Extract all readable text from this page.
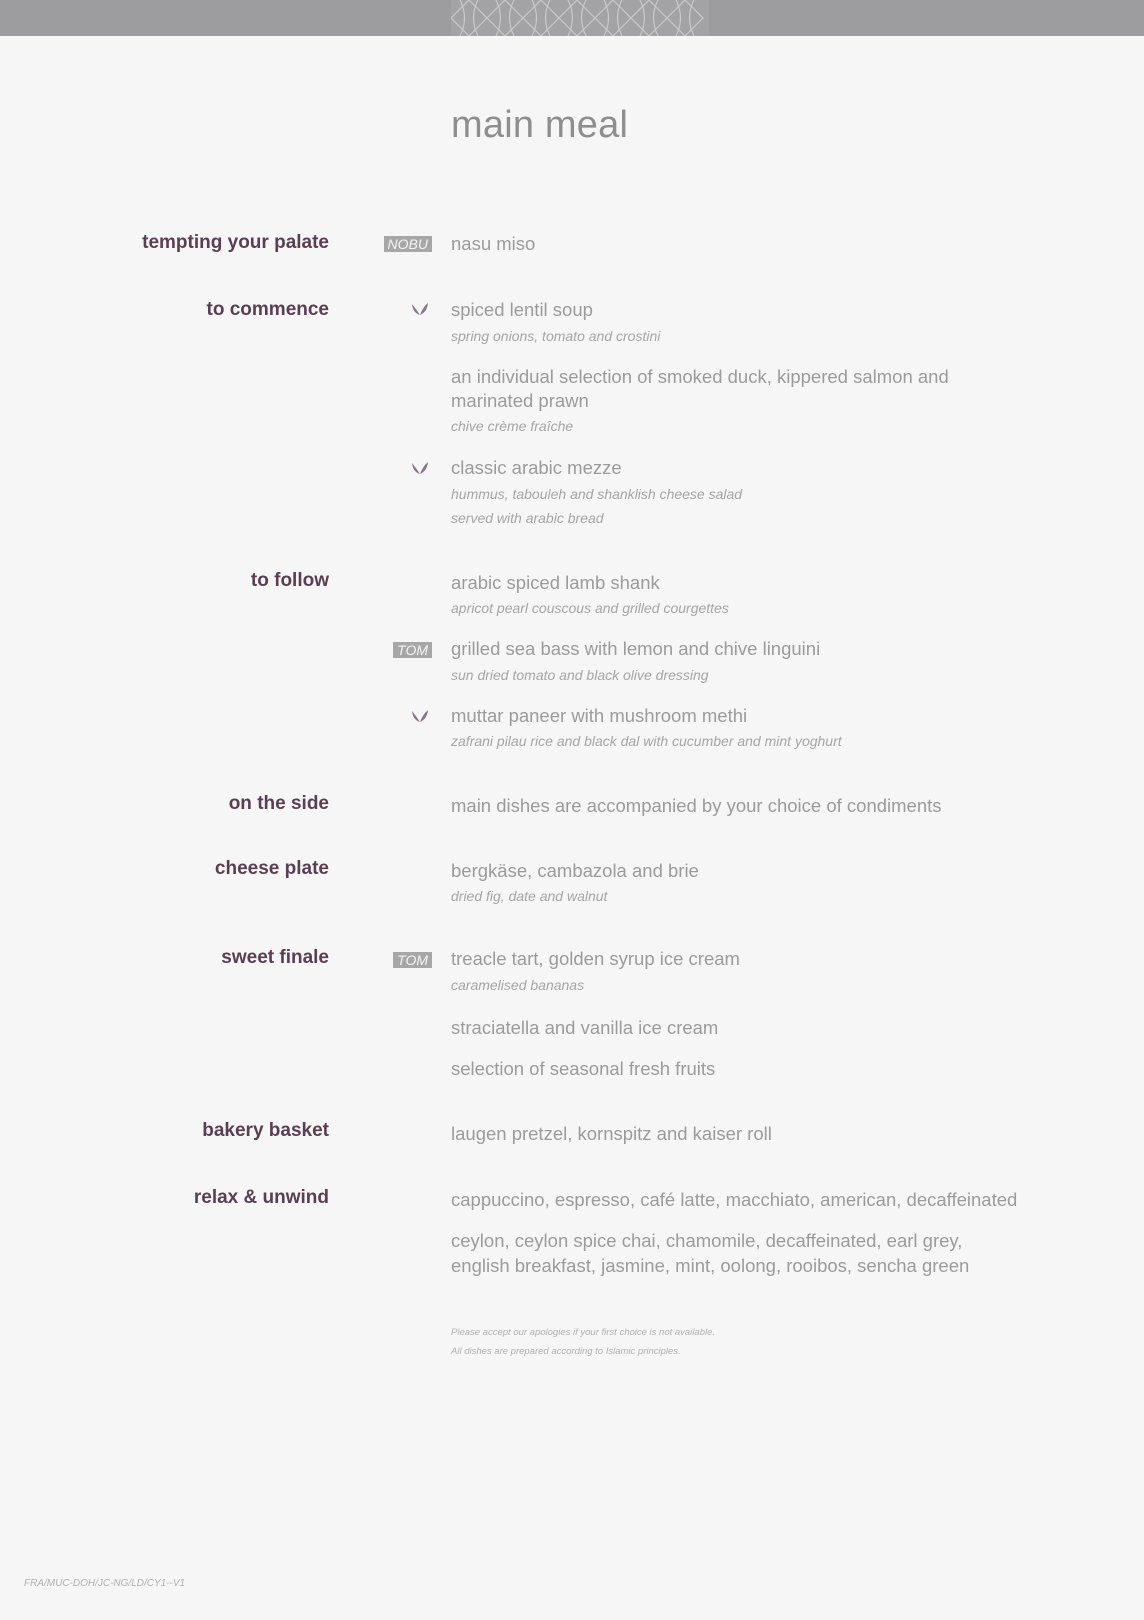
main meal
tempting your palate	NOBU nasu miso
to commence	spiced lentil soup
spring onions, tomato and crostini
an individual selection of smoked duck, kippered salmon and
marinated prawn
chive crème fraîche
classic arabic mezze
hummus, tabouleh and shanklish cheese salad
served with arabic bread
to follow	arabic spiced lamb shank
apricot pearl couscous and grilled courgettes
TOM grilled sea bass with lemon and chive linguini
sun dried tomato and black olive dressing
muttar paneer with mushroom methi
zafrani pilau rice and black dal with cucumber and mint yoghurt
on the side	main dishes are accompanied by your choice of condiments
cheese plate	bergkäse, cambazola and brie
dried fig, date and walnut
sweet finale	TOM treacle tart, golden syrup ice cream
caramelised bananas
straciatella and vanilla ice cream
selection of seasonal fresh fruits
bakery basket	laugen pretzel, kornspitz and kaiser roll
relax & unwind	cappuccino, espresso, café latte, macchiato, american, decaffeinated
ceylon, ceylon spice chai, chamomile, decaffeinated, earl grey,
english breakfast, jasmine, mint, oolong, rooibos, sencha green
Please accept our apologies if your first choice is not available.
All dishes are prepared according to Islamic principles.
FRA/MUC-DOH/JC-NG/LD/CY1--V1
